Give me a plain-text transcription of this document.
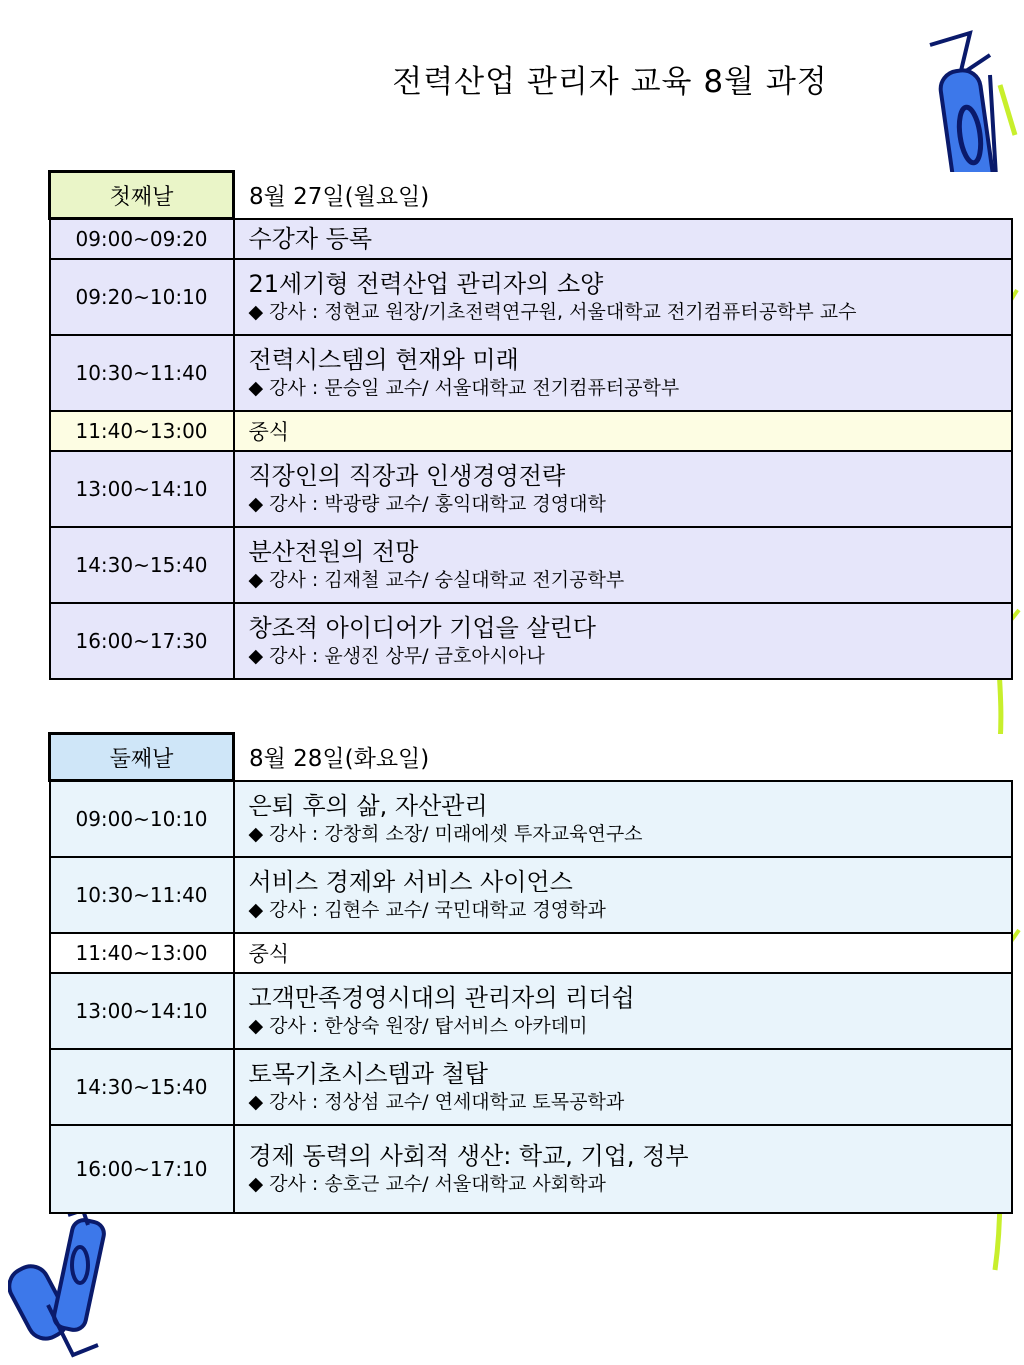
전력산업 관리자 교육 8월 과정
첫째날	8월 27일(월요일)
09:00~09:20	수강자 등록

09:20~10:10	21세기형 전력산업 관리자의 소양
◆ 강사 : 정현교 원장/기초전력연구원, 서울대학교 전기컴퓨터공학부 교수

10:30~11:40	전력시스템의 현재와 미래
◆ 강사 : 문승일 교수/ 서울대학교 전기컴퓨터공학부

11:40~13:00	중식
13:00~14:10	직장인의 직장과 인생경영전략
◆ 강사 : 박광량 교수/ 홍익대학교 경영대학

14:30~15:40	분산전원의 전망
◆ 강사 : 김재철 교수/ 숭실대학교 전기공학부

16:00~17:30	창조적 아이디어가 기업을 살린다
◆ 강사 : 윤생진 상무/ 금호아시아나
둘째날	8월 28일(화요일)
09:00~10:10	은퇴 후의 삶, 자산관리
◆ 강사 : 강창희 소장/ 미래에셋 투자교육연구소

10:30~11:40	서비스 경제와 서비스 사이언스
◆ 강사 : 김현수 교수/ 국민대학교 경영학과

11:40~13:00	중식
13:00~14:10	고객만족경영시대의 관리자의 리더쉽
◆ 강사 : 한상숙 원장/ 탑서비스 아카데미

14:30~15:40	토목기초시스템과 철탑
◆ 강사 : 정상섬 교수/ 연세대학교 토목공학과

16:00~17:10	경제 동력의 사회적 생산: 학교, 기업, 정부
◆ 강사 : 송호근 교수/ 서울대학교 사회학과
